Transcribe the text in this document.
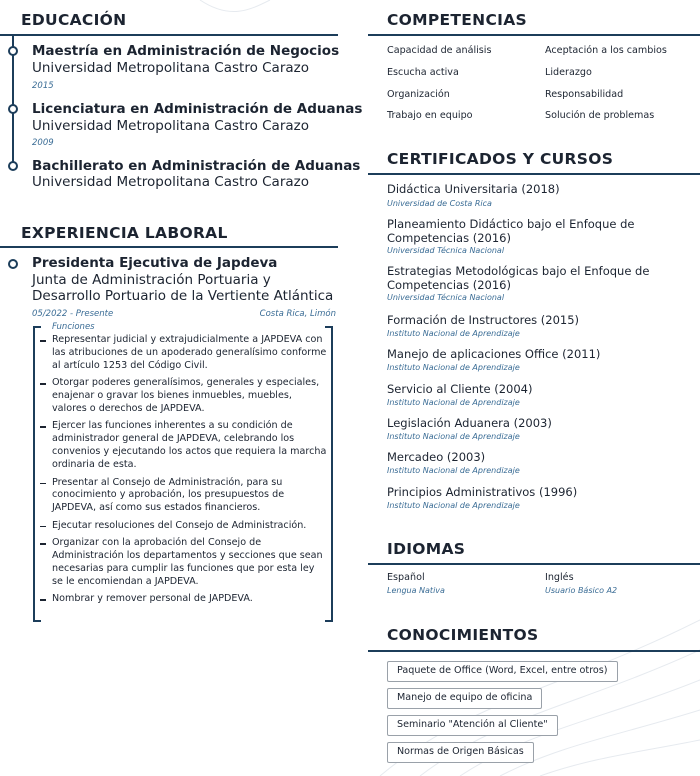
EDUCACIÓN
Maestría en Administración de Negocios
Universidad Metropolitana Castro Carazo
2015
Licenciatura en Administración de Aduanas
Universidad Metropolitana Castro Carazo
2009
Bachillerato en Administración de Aduanas
Universidad Metropolitana Castro Carazo
EXPERIENCIA LABORAL
Presidenta Ejecutiva de Japdeva
Junta de Administración Portuaria y Desarrollo Portuario de la Vertiente Atlántica
05/2022 - Presente	Costa Rica, Limón
Funciones
Representar judicial y extrajudicialmente a JAPDEVA con las atribuciones de un apoderado generalísimo conforme al artículo 1253 del Código Civil.
Otorgar poderes generalísimos, generales y especiales, enajenar o gravar los bienes inmuebles, muebles, valores o derechos de JAPDEVA.
Ejercer las funciones inherentes a su condición de administrador general de JAPDEVA, celebrando los convenios y ejecutando los actos que requiera la marcha ordinaria de esta.
Presentar al Consejo de Administración, para su conocimiento y aprobación, los presupuestos de JAPDEVA, así como sus estados financieros.
Ejecutar resoluciones del Consejo de Administración.
Organizar con la aprobación del Consejo de Administración los departamentos y secciones que sean necesarias para cumplir las funciones que por esta ley se le encomiendan a JAPDEVA.
Nombrar y remover personal de JAPDEVA.
COMPETENCIAS
Capacidad de análisis
Escucha activa
Organización
Trabajo en equipo
Aceptación a los cambios
Liderazgo
Responsabilidad
Solución de problemas
CERTIFICADOS Y CURSOS
Didáctica Universitaria (2018)
Universidad de Costa Rica
Planeamiento Didáctico bajo el Enfoque de Competencias (2016)
Universidad Técnica Nacional
Estrategias Metodológicas bajo el Enfoque de Competencias (2016)
Universidad Técnica Nacional
Formación de Instructores (2015)
Instituto Nacional de Aprendizaje
Manejo de aplicaciones Office (2011)
Instituto Nacional de Aprendizaje
Servicio al Cliente (2004)
Instituto Nacional de Aprendizaje
Legislación Aduanera (2003)
Instituto Nacional de Aprendizaje
Mercadeo (2003)
Instituto Nacional de Aprendizaje
Principios Administrativos (1996)
Instituto Nacional de Aprendizaje
IDIOMAS
Español
Lengua Nativa
Inglés
Usuario Básico A2
CONOCIMIENTOS
Paquete de Office (Word, Excel, entre otros)
Manejo de equipo de oficina
Seminario "Atención al Cliente"
Normas de Origen Básicas
